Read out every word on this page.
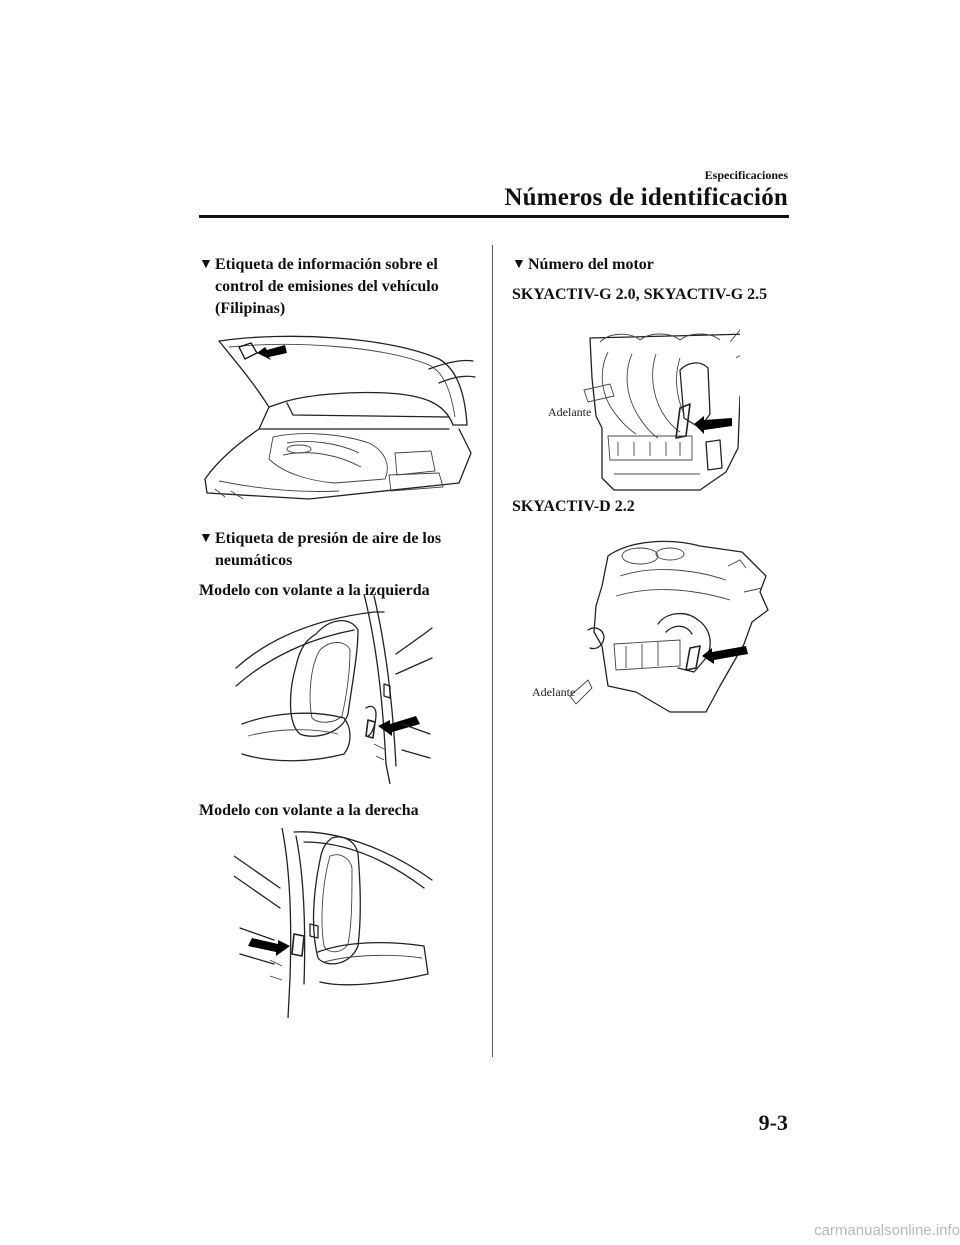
Especificaciones
Números de identificación
▼ Etiqueta de información sobre el
control de emisiones del vehículo
(Filipinas)
▼ Etiqueta de presión de aire de los
neumáticos
Modelo con volante a la izquierda
Modelo con volante a la derecha
▼ Número del motor
SKYACTIV-G 2.0, SKYACTIV-G 2.5
Adelante
SKYACTIV-D 2.2
Adelante
9-3
carmanualsonline.info
